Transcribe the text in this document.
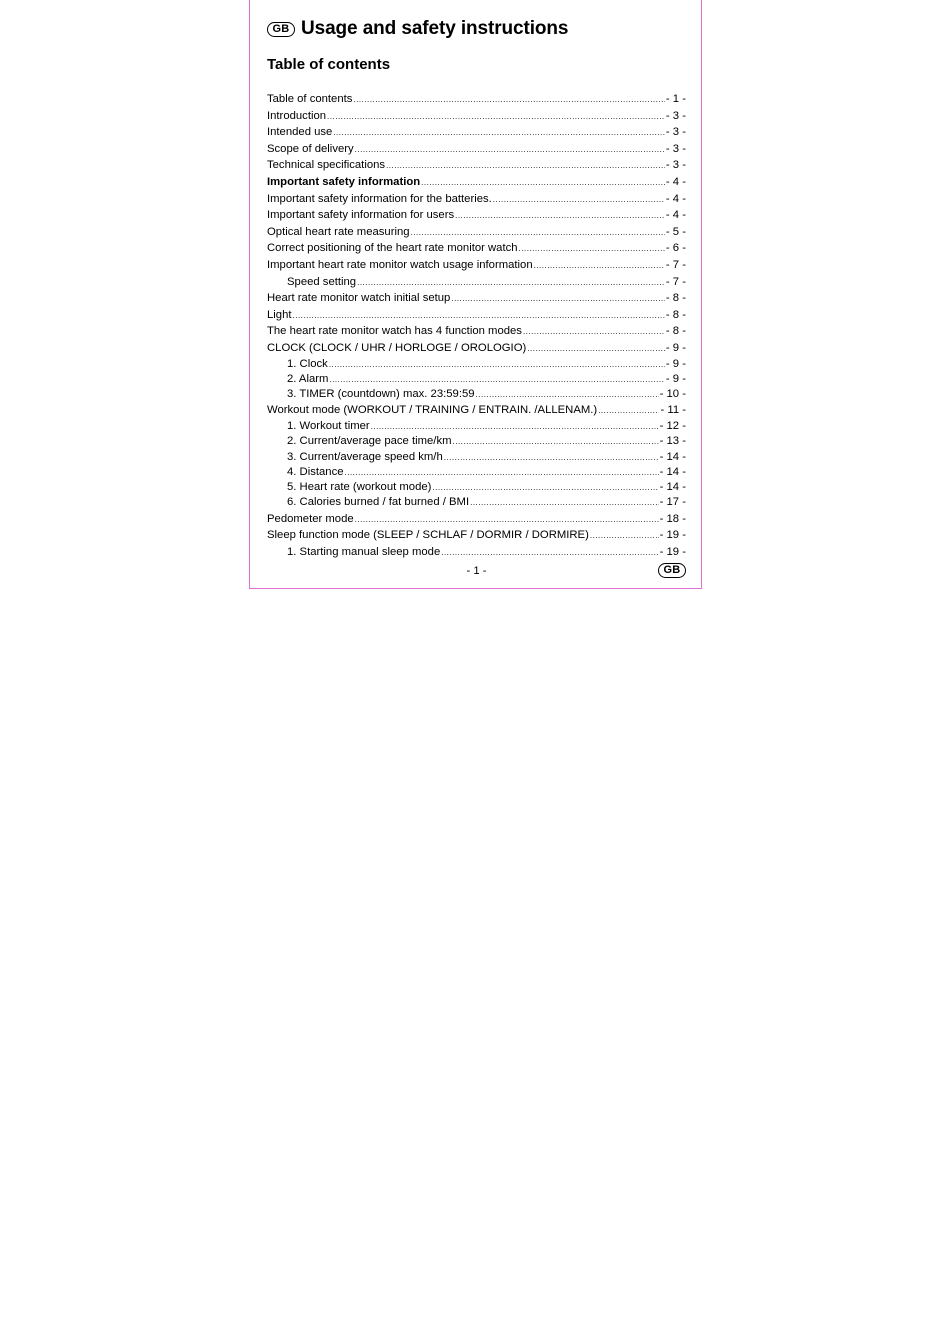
GB Usage and safety instructions
Table of contents
Table of contents .....	- 1 -
Introduction .....	- 3 -
Intended use .....	- 3 -
Scope of delivery .....	- 3 -
Technical specifications .....	- 3 -
Important safety information .....	- 4 -
Important safety information for the batteries. .....	- 4 -
Important safety information for users .....	- 4 -
Optical heart rate measuring .....	- 5 -
Correct positioning of the heart rate monitor watch .....	- 6 -
Important heart rate monitor watch usage information .....	- 7 -
Speed setting .....	- 7 -
Heart rate monitor watch initial setup .....	- 8 -
Light .....	- 8 -
The heart rate monitor watch has 4 function modes .....	- 8 -
CLOCK (CLOCK / UHR / HORLOGE / OROLOGIO) .....	- 9 -
1. Clock .....	- 9 -
2. Alarm .....	- 9 -
3. TIMER (countdown) max. 23:59:59 .....	- 10 -
Workout mode (WORKOUT / TRAINING / ENTRAIN. /ALLENAM.) .....	- 11 -
1. Workout timer .....	- 12 -
2. Current/average pace time/km .....	- 13 -
3. Current/average speed km/h .....	- 14 -
4. Distance .....	- 14 -
5. Heart rate (workout mode) .....	- 14 -
6. Calories burned / fat burned / BMI .....	- 17 -
Pedometer mode .....	- 18 -
Sleep function mode (SLEEP / SCHLAF / DORMIR / DORMIRE) .....	- 19 -
1. Starting manual sleep mode .....	- 19 -
- 1 -	GB
